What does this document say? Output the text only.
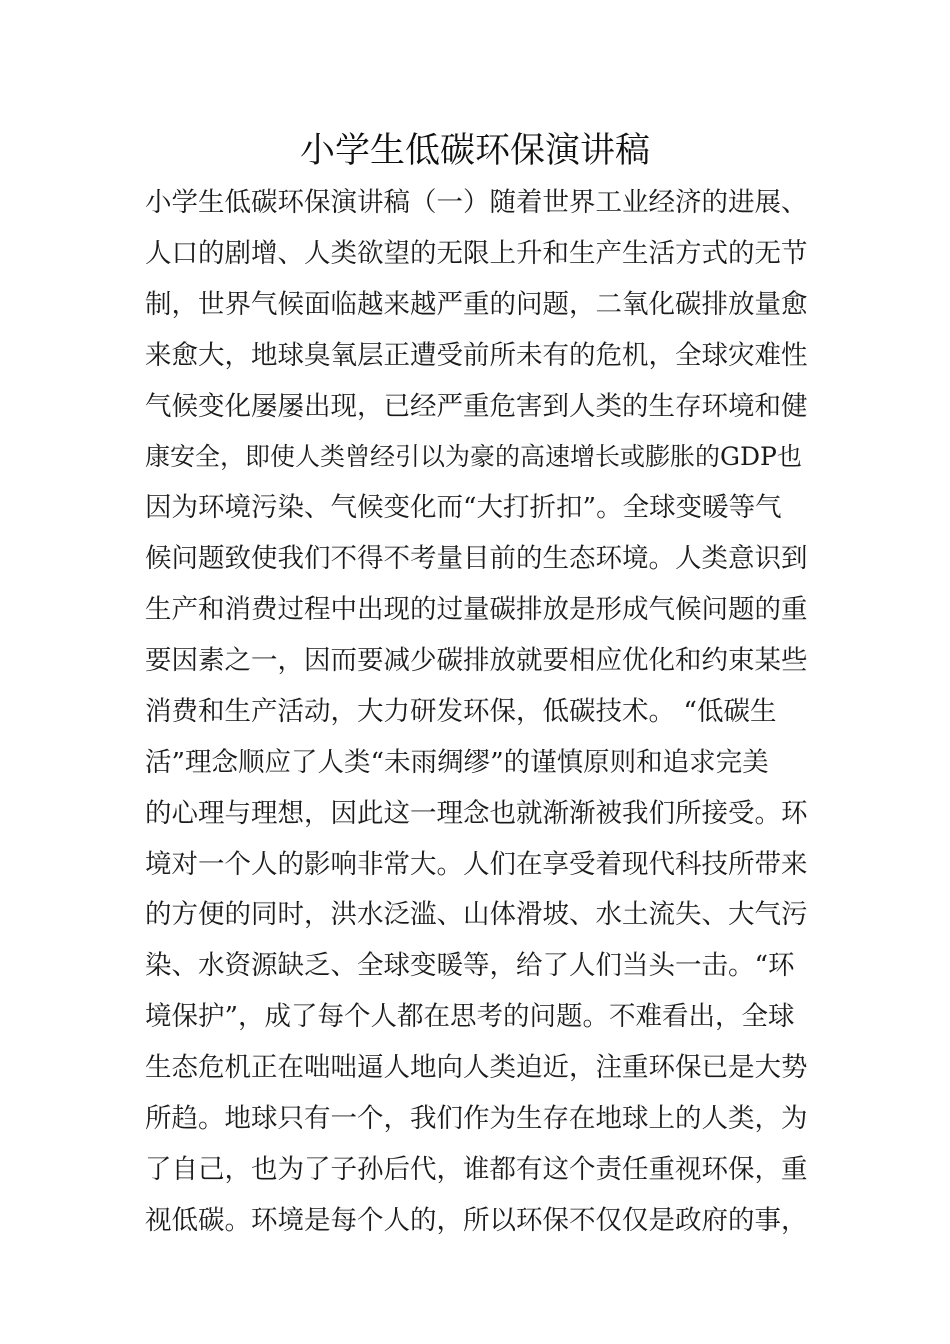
小学生低碳环保演讲稿
小学生低碳环保演讲稿（一）随着世界工业经济的进展、
人口的剧增、人类欲望的无限上升和生产生活方式的无节
制，世界气候面临越来越严重的问题，二氧化碳排放量愈
来愈大，地球臭氧层正遭受前所未有的危机，全球灾难性
气候变化屡屡出现，已经严重危害到人类的生存环境和健
康安全，即使人类曾经引以为豪的高速增长或膨胀的GDP也
因为环境污染、气候变化而“大打折扣”。全球变暖等气
候问题致使我们不得不考量目前的生态环境。人类意识到
生产和消费过程中出现的过量碳排放是形成气候问题的重
要因素之一，因而要减少碳排放就要相应优化和约束某些
消费和生产活动，大力研发环保，低碳技术。 “低碳生
活”理念顺应了人类“未雨绸缪”的谨慎原则和追求完美
的心理与理想，因此这一理念也就渐渐被我们所接受。环
境对一个人的影响非常大。人们在享受着现代科技所带来
的方便的同时，洪水泛滥、山体滑坡、水土流失、大气污
染、水资源缺乏、全球变暖等，给了人们当头一击。“环
境保护”，成了每个人都在思考的问题。不难看出，全球
生态危机正在咄咄逼人地向人类迫近，注重环保已是大势
所趋。地球只有一个，我们作为生存在地球上的人类，为
了自己，也为了子孙后代，谁都有这个责任重视环保，重
视低碳。环境是每个人的，所以环保不仅仅是政府的事，
